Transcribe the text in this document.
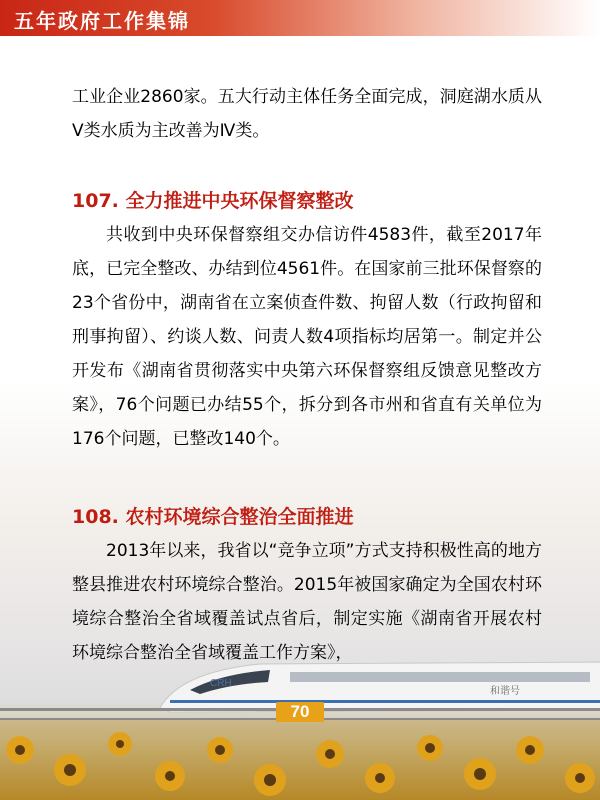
五年政府工作集锦

工业企业2860家。五大行动主体任务全面完成，洞庭湖水质从Ⅴ类水质为主改善为Ⅳ类。

107. 全力推进中央环保督察整改

共收到中央环保督察组交办信访件4583件，截至2017年底，已完全整改、办结到位4561件。在国家前三批环保督察的23个省份中，湖南省在立案侦查件数、拘留人数（行政拘留和刑事拘留）、约谈人数、问责人数4项指标均居第一。制定并公开发布《湖南省贯彻落实中央第六环保督察组反馈意见整改方案》，76个问题已办结55个，拆分到各市州和省直有关单位为176个问题，已整改140个。

108. 农村环境综合整治全面推进

2013年以来，我省以“竞争立项”方式支持积极性高的地方整县推进农村环境综合整治。2015年被国家确定为全国农村环境综合整治全省域覆盖试点省后，制定实施《湖南省开展农村环境综合整治全省域覆盖工作方案》，

CRH
和谐号
70
